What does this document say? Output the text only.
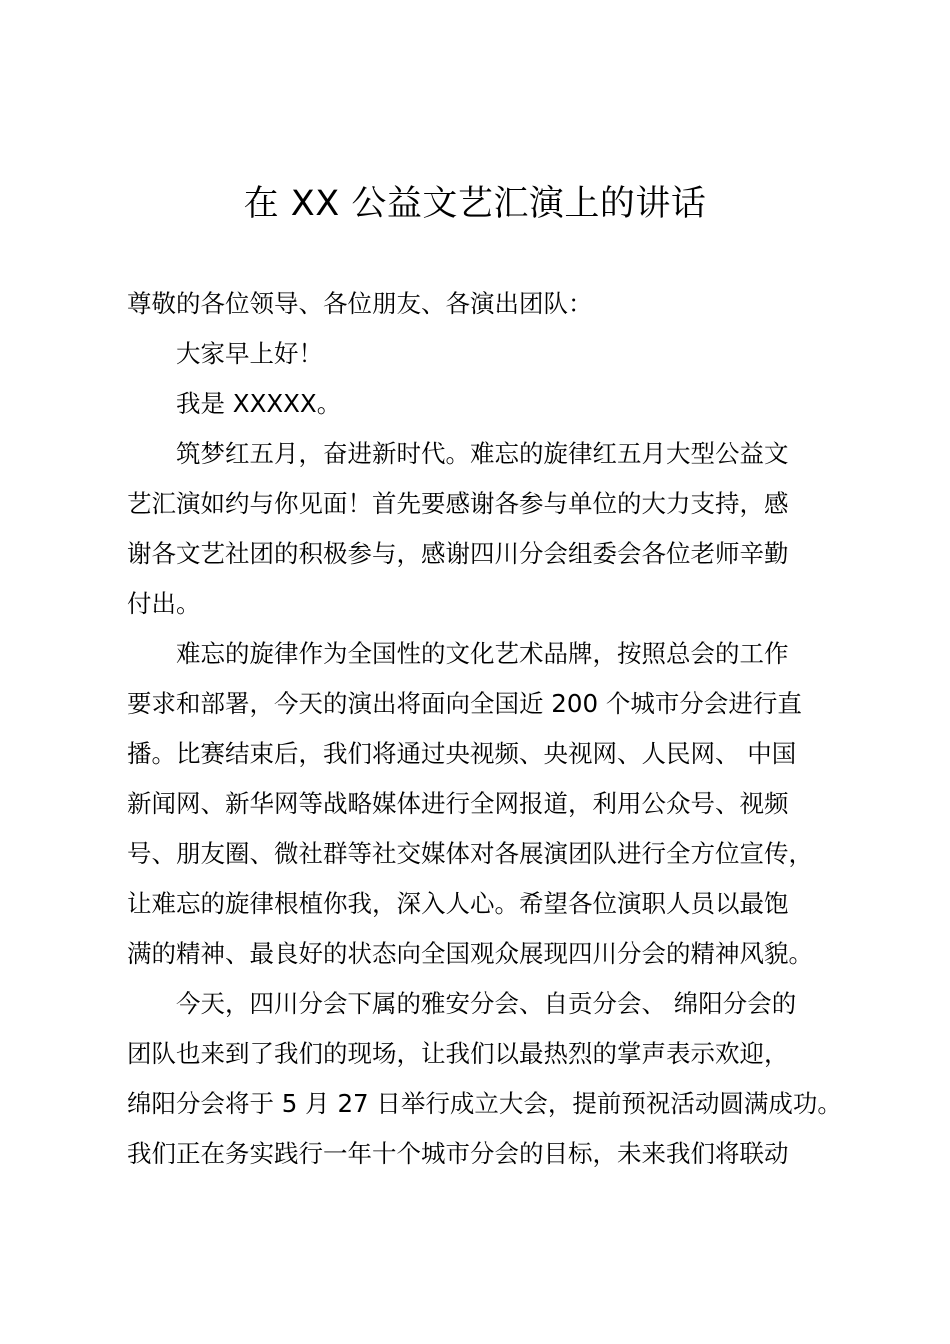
在 XX 公益文艺汇演上的讲话
尊敬的各位领导、各位朋友、各演出团队：
大家早上好！
我是 XXXXX。
筑梦红五月，奋进新时代。难忘的旋律红五月大型公益文
艺汇演如约与你见面！首先要感谢各参与单位的大力支持，感
谢各文艺社团的积极参与，感谢四川分会组委会各位老师辛勤
付出。
难忘的旋律作为全国性的文化艺术品牌，按照总会的工作
要求和部署，今天的演出将面向全国近 200 个城市分会进行直
播。比赛结束后，我们将通过央视频、央视网、人民网、 中国
新闻网、新华网等战略媒体进行全网报道，利用公众号、视频
号、朋友圈、微社群等社交媒体对各展演团队进行全方位宣传，
让难忘的旋律根植你我，深入人心。希望各位演职人员以最饱
满的精神、最良好的状态向全国观众展现四川分会的精神风貌。
今天，四川分会下属的雅安分会、自贡分会、 绵阳分会的
团队也来到了我们的现场，让我们以最热烈的掌声表示欢迎，
绵阳分会将于 5 月 27 日举行成立大会，提前预祝活动圆满成功。
我们正在务实践行一年十个城市分会的目标，未来我们将联动
